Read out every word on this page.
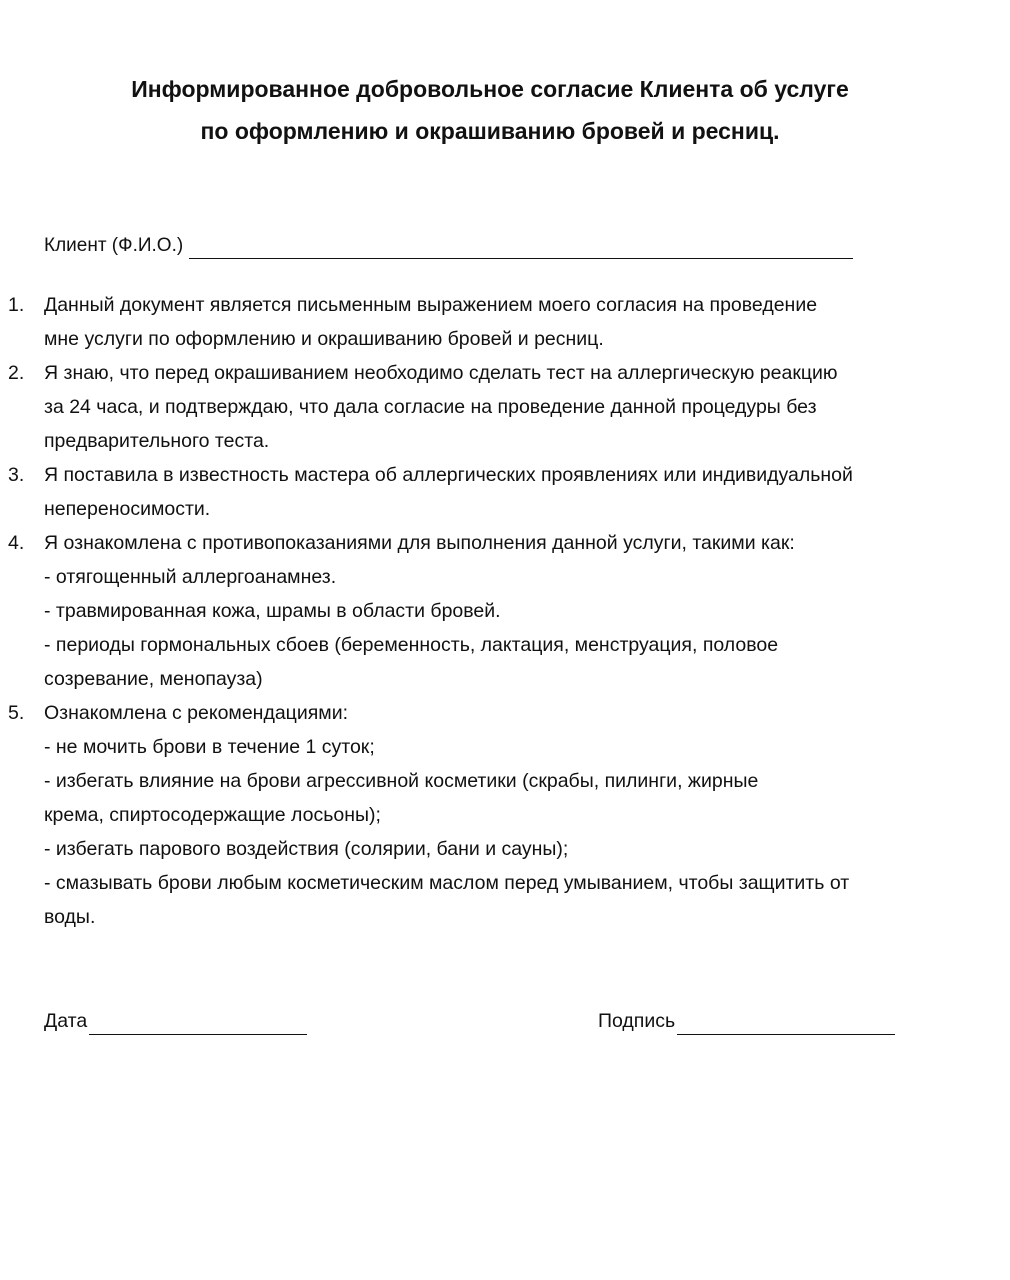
Информированное добровольное согласие Клиента об услуге
по оформлению и окрашиванию бровей и ресниц.
Клиент (Ф.И.О.)
1. Данный документ является письменным выражением моего согласия на проведение
мне услуги по оформлению и окрашиванию бровей и ресниц.
2. Я знаю, что перед окрашиванием необходимо сделать тест на аллергическую реакцию
за 24 часа, и подтверждаю, что дала согласие на проведение данной процедуры без
предварительного теста.
3. Я поставила в известность мастера об аллергических проявлениях или индивидуальной
непереносимости.
4. Я ознакомлена с противопоказаниями для выполнения данной услуги, такими как:
- отягощенный аллергоанамнез.
- травмированная кожа, шрамы в области бровей.
- периоды гормональных сбоев (беременность, лактация, менструация, половое
созревание, менопауза)
5. Ознакомлена с рекомендациями:
- не мочить брови в течение 1 суток;
- избегать влияние на брови агрессивной косметики (скрабы, пилинги, жирные
крема, спиртосодержащие лосьоны);
- избегать парового воздействия (солярии, бани и сауны);
- смазывать брови любым косметическим маслом перед умыванием, чтобы защитить от
воды.
Дата	Подпись
